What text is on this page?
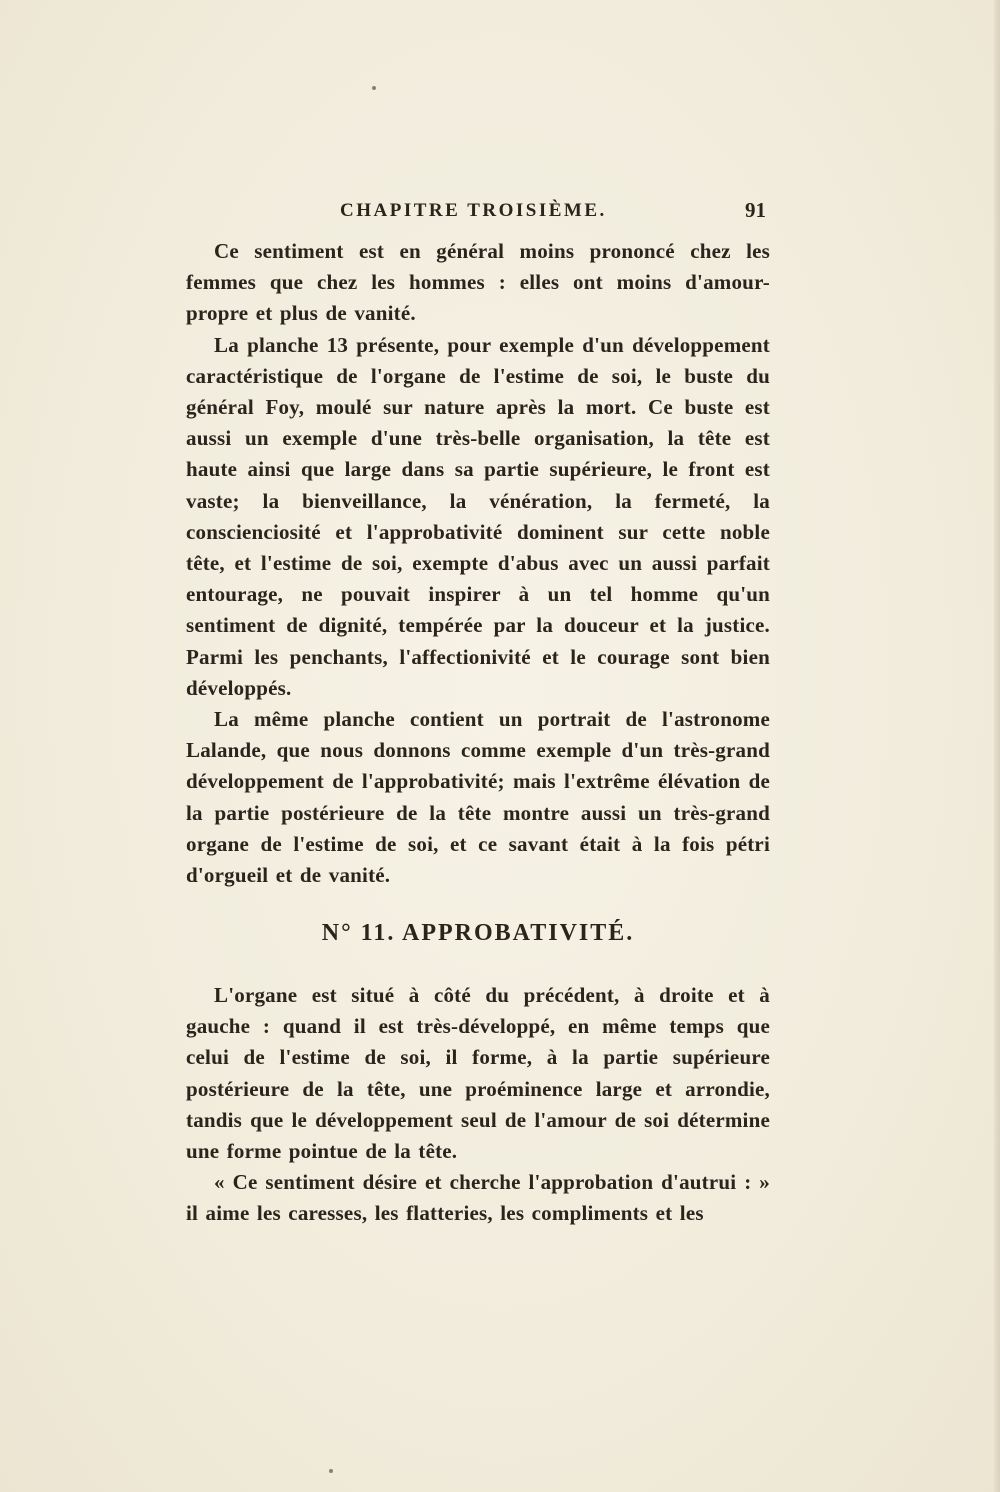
CHAPITRE TROISIÈME.	91

Ce sentiment est en général moins prononcé chez les femmes que chez les hommes : elles ont moins d'amour-propre et plus de vanité.

La planche 13 présente, pour exemple d'un développement caractéristique de l'organe de l'estime de soi, le buste du général Foy, moulé sur nature après la mort. Ce buste est aussi un exemple d'une très-belle organisation, la tête est haute ainsi que large dans sa partie supérieure, le front est vaste; la bienveillance, la vénération, la fermeté, la conscienciosité et l'approbativité dominent sur cette noble tête, et l'estime de soi, exempte d'abus avec un aussi parfait entourage, ne pouvait inspirer à un tel homme qu'un sentiment de dignité, tempérée par la douceur et la justice. Parmi les penchants, l'affectionivité et le courage sont bien développés.

La même planche contient un portrait de l'astronome Lalande, que nous donnons comme exemple d'un très-grand développement de l'approbativité; mais l'extrême élévation de la partie postérieure de la tête montre aussi un très-grand organe de l'estime de soi, et ce savant était à la fois pétri d'orgueil et de vanité.

N° 11. APPROBATIVITÉ.

L'organe est situé à côté du précédent, à droite et à gauche : quand il est très-développé, en même temps que celui de l'estime de soi, il forme, à la partie supérieure postérieure de la tête, une proéminence large et arrondie, tandis que le développement seul de l'amour de soi détermine une forme pointue de la tête.

« Ce sentiment désire et cherche l'approbation d'autrui : » il aime les caresses, les flatteries, les compliments et les
